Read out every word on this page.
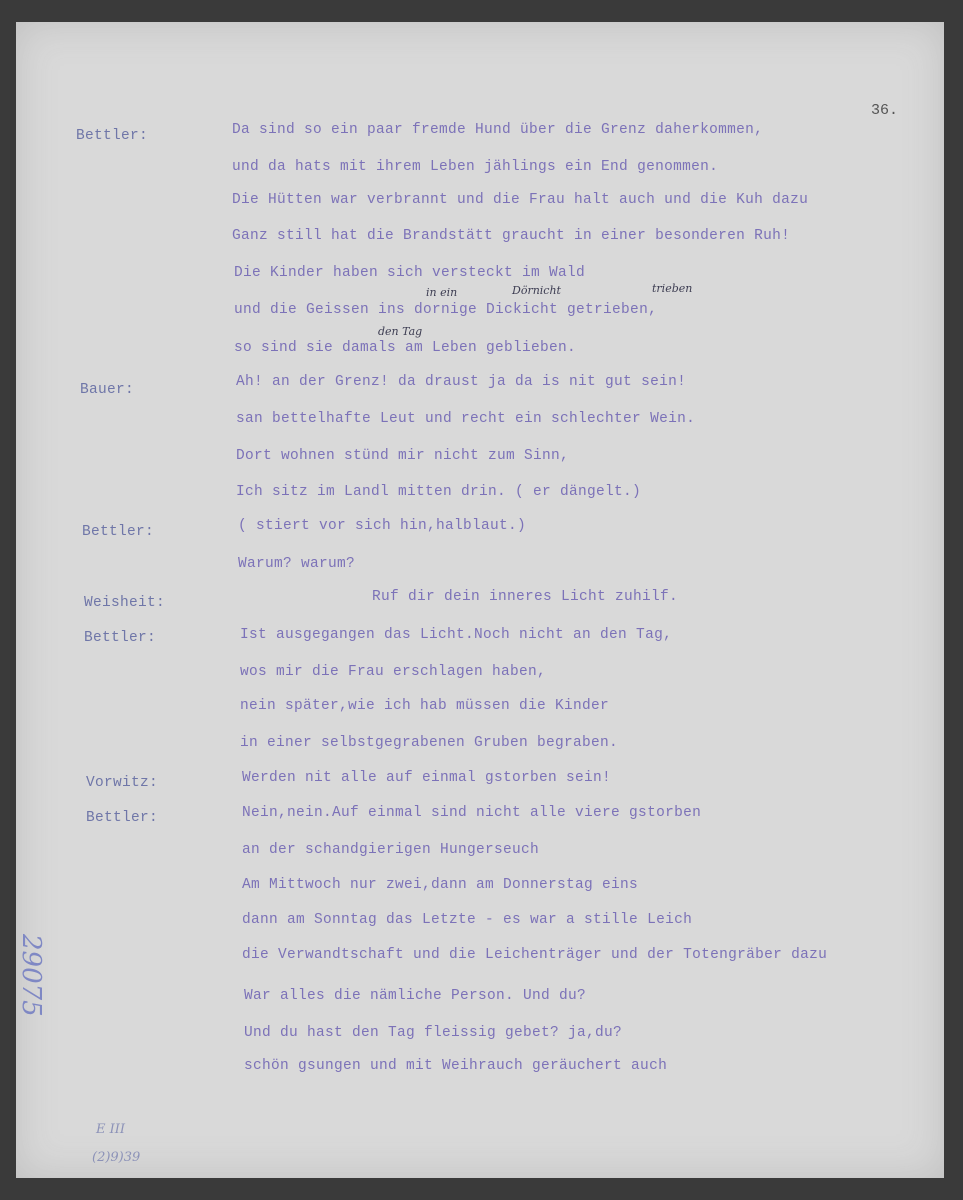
36.
Bettler:
Bauer:
Bettler:
Weisheit:
Bettler:
Vorwitz:
Bettler:
Da sind so ein paar fremde Hund über die Grenz daherkommen,
und da hats mit ihrem Leben jählings ein End genommen.
Die Hütten war verbrannt und die Frau halt auch und die Kuh dazu
Ganz still hat die Brandstätt graucht in einer besonderen Ruh!
Die Kinder haben sich versteckt im Wald
und die Geissen ins dornige Dickicht getrieben,
so sind sie damals am Leben geblieben.
Ah! an der Grenz! da draust ja da is nit gut sein!
san bettelhafte Leut und recht ein schlechter Wein.
Dort wohnen stünd mir nicht zum Sinn,
Ich sitz im Landl mitten drin. ( er dängelt.)
( stiert vor sich hin,halblaut.)
Warum? warum?
Ruf dir dein inneres Licht zuhilf.
Ist ausgegangen das Licht.Noch nicht an den Tag,
wos mir die Frau erschlagen haben,
nein später,wie ich hab müssen die Kinder
in einer selbstgegrabenen Gruben begraben.
Werden nit alle auf einmal gstorben sein!
Nein,nein.Auf einmal sind nicht alle viere gstorben
an der schandgierigen Hungerseuch
Am Mittwoch nur zwei,dann am Donnerstag eins
dann am Sonntag das Letzte - es war a stille Leich
die Verwandtschaft und die Leichenträger und der Totengräber dazu
War alles die nämliche Person. Und du?
Und du hast den Tag fleissig gebet? ja,du?
schön gsungen und mit Weihrauch geräuchert auch
in ein	Dörnicht	trieben
den Tag
29075
E III
(2)9)39
